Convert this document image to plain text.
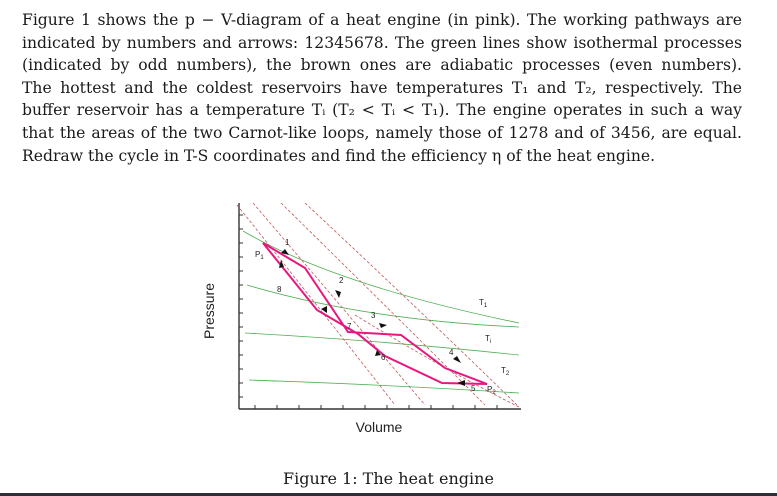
Figure 1 shows the p − V-diagram of a heat engine (in pink). The working pathways are
indicated by numbers and arrows: 12345678. The green lines show isothermal processes
(indicated by odd numbers), the brown ones are adiabatic processes (even numbers).
The hottest and the coldest reservoirs have temperatures T₁ and T₂, respectively. The
buffer reservoir has a temperature Tᵢ (T₂ < Tᵢ < T₁). The engine operates in such a way
that the areas of the two Carnot-like loops, namely those of 1278 and of 3456, are equal.
Redraw the cycle in T-S coordinates and find the efficiency η of the heat engine.
$P_1$
$P_2$
$T_1$
$T_i$
$T_2$
1
2
3
4
5
6
7
8
Volume
Pressure

Figure 1: The heat engine
